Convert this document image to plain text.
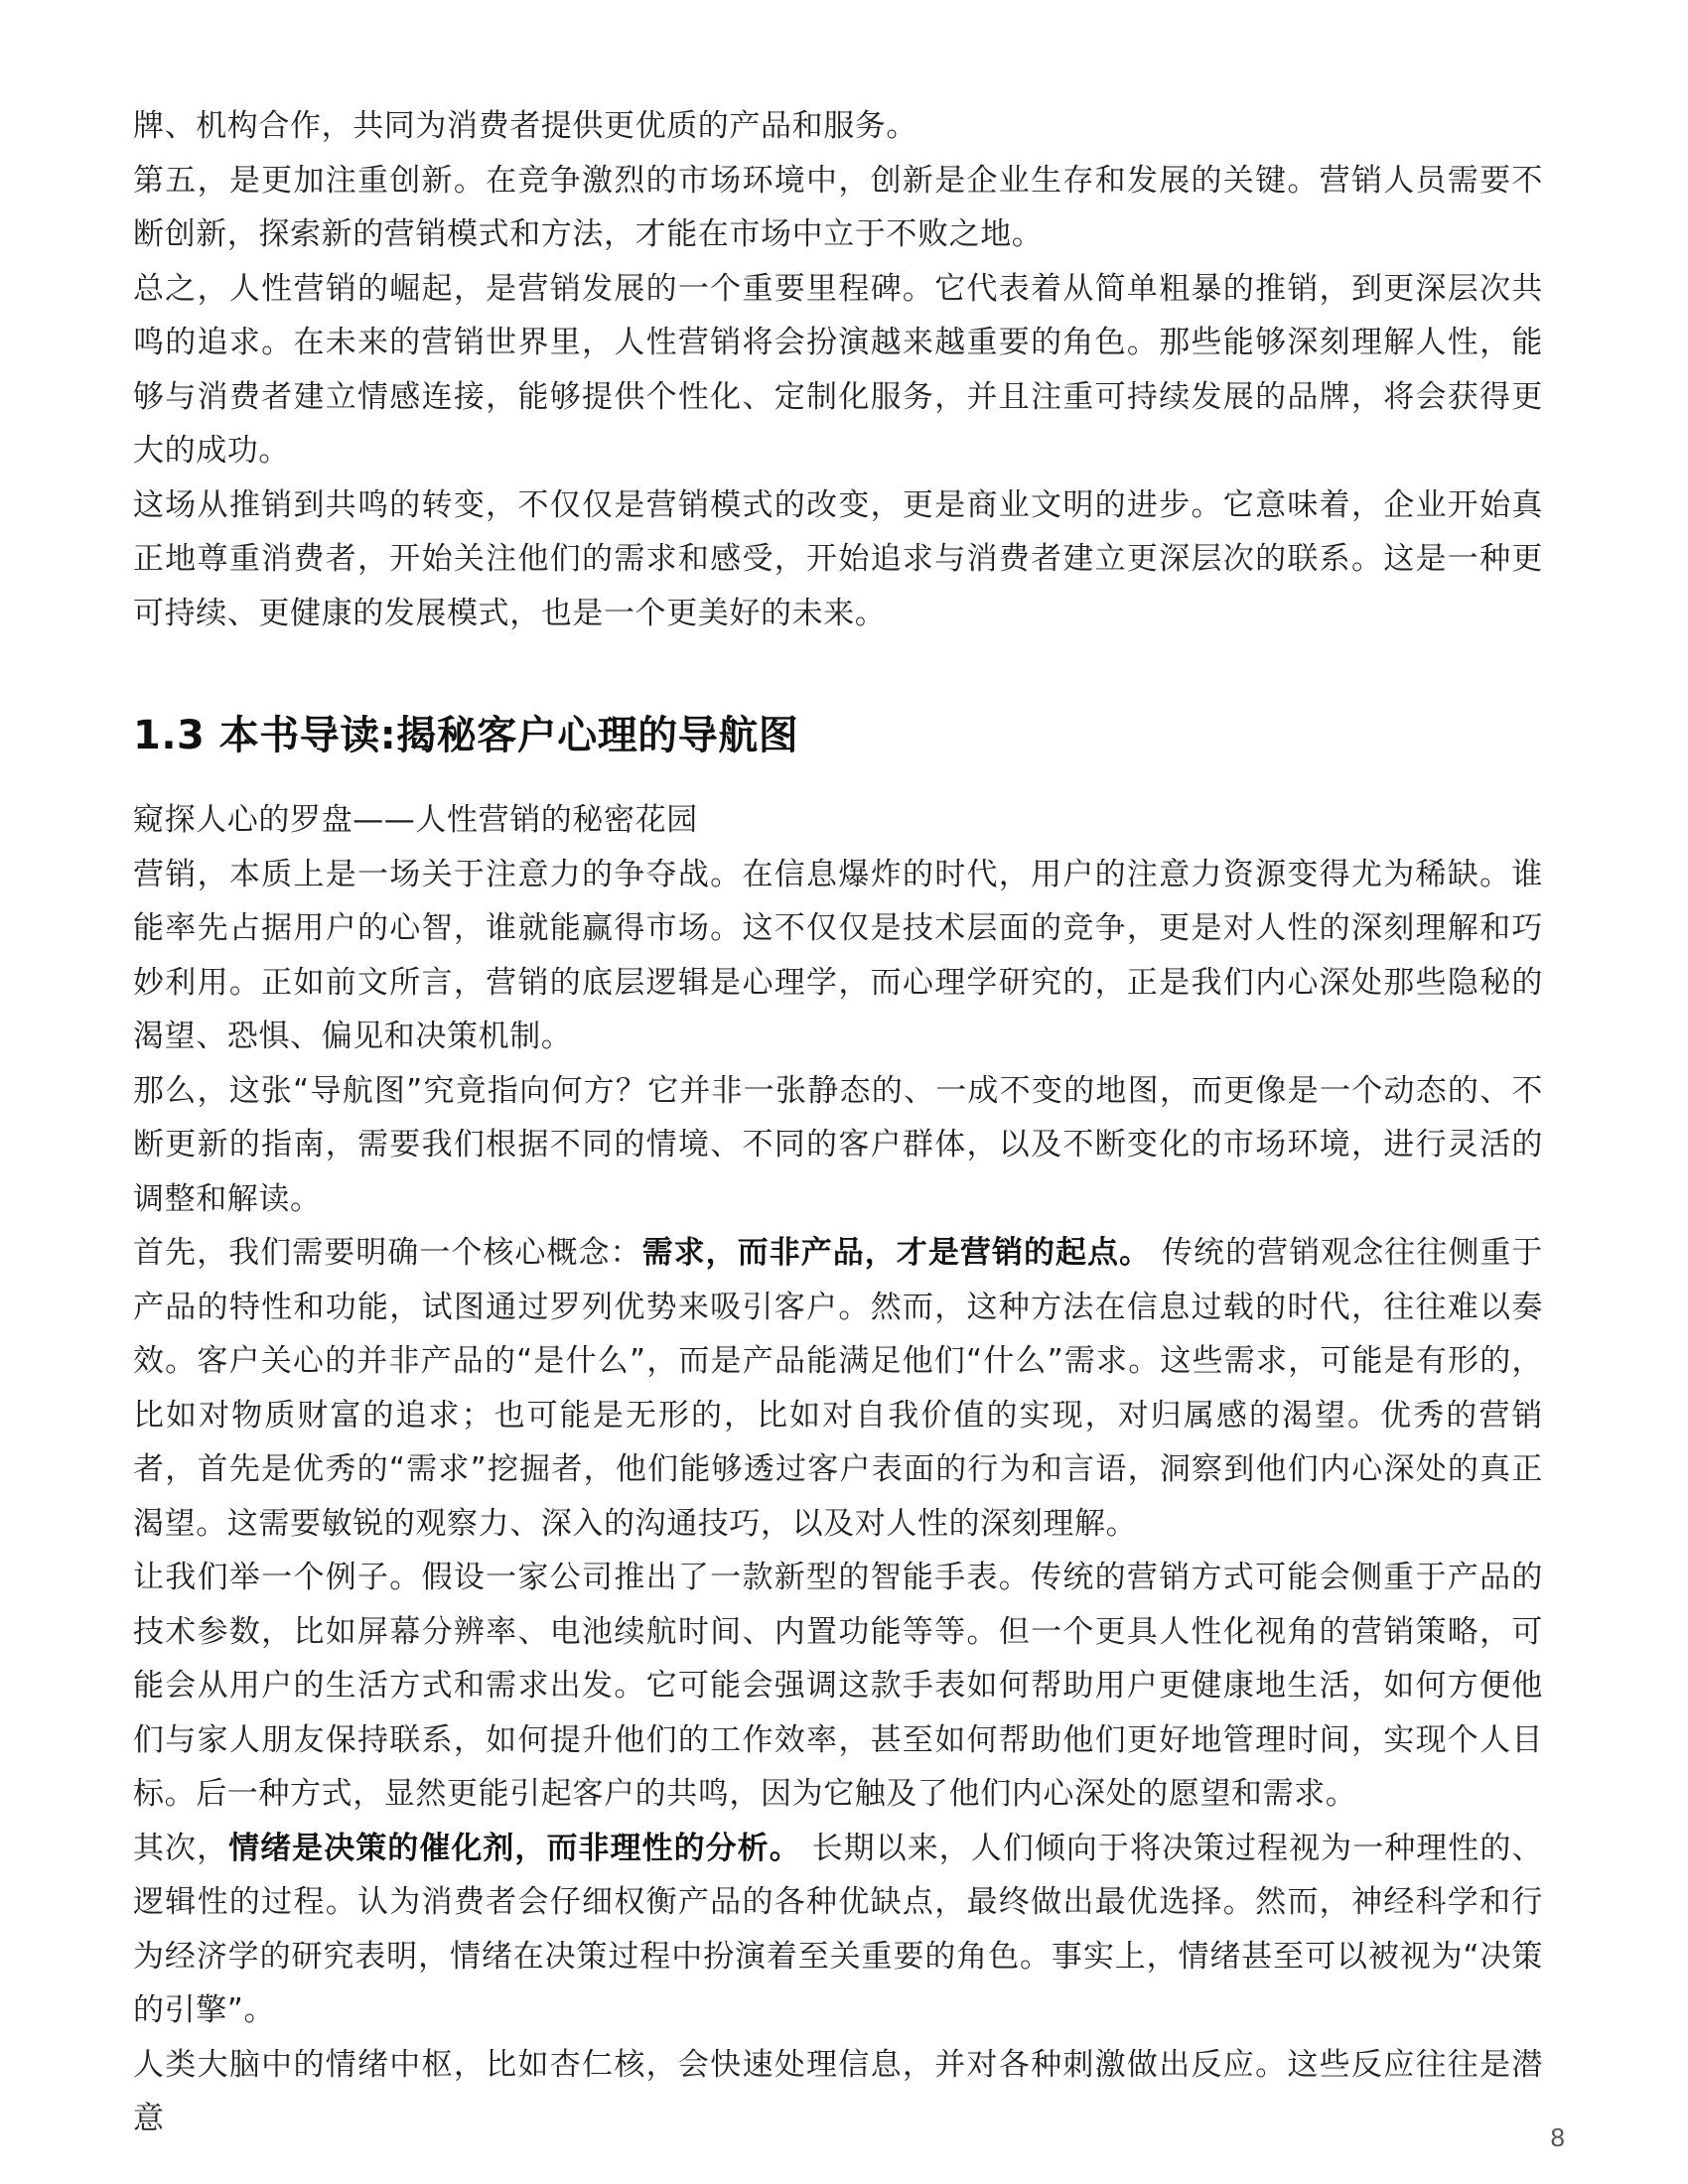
牌、机构合作，共同为消费者提供更优质的产品和服务。

第五，是更加注重创新。在竞争激烈的市场环境中，创新是企业生存和发展的关键。营销人员需要不断创新，探索新的营销模式和方法，才能在市场中立于不败之地。

总之，人性营销的崛起，是营销发展的一个重要里程碑。它代表着从简单粗暴的推销，到更深层次共鸣的追求。在未来的营销世界里，人性营销将会扮演越来越重要的角色。那些能够深刻理解人性，能够与消费者建立情感连接，能够提供个性化、定制化服务，并且注重可持续发展的品牌，将会获得更大的成功。

这场从推销到共鸣的转变，不仅仅是营销模式的改变，更是商业文明的进步。它意味着，企业开始真正地尊重消费者，开始关注他们的需求和感受，开始追求与消费者建立更深层次的联系。这是一种更可持续、更健康的发展模式，也是一个更美好的未来。

1.3 本书导读:揭秘客户心理的导航图

窥探人心的罗盘——人性营销的秘密花园

营销，本质上是一场关于注意力的争夺战。在信息爆炸的时代，用户的注意力资源变得尤为稀缺。谁能率先占据用户的心智，谁就能赢得市场。这不仅仅是技术层面的竞争，更是对人性的深刻理解和巧妙利用。正如前文所言，营销的底层逻辑是心理学，而心理学研究的，正是我们内心深处那些隐秘的渴望、恐惧、偏见和决策机制。

那么，这张“导航图”究竟指向何方？它并非一张静态的、一成不变的地图，而更像是一个动态的、不断更新的指南，需要我们根据不同的情境、不同的客户群体，以及不断变化的市场环境，进行灵活的调整和解读。

首先，我们需要明确一个核心概念：需求，而非产品，才是营销的起点。 传统的营销观念往往侧重于产品的特性和功能，试图通过罗列优势来吸引客户。然而，这种方法在信息过载的时代，往往难以奏效。客户关心的并非产品的“是什么”，而是产品能满足他们“什么”需求。这些需求，可能是有形的，比如对物质财富的追求；也可能是无形的，比如对自我价值的实现，对归属感的渴望。优秀的营销者，首先是优秀的“需求”挖掘者，他们能够透过客户表面的行为和言语，洞察到他们内心深处的真正渴望。这需要敏锐的观察力、深入的沟通技巧，以及对人性的深刻理解。

让我们举一个例子。假设一家公司推出了一款新型的智能手表。传统的营销方式可能会侧重于产品的技术参数，比如屏幕分辨率、电池续航时间、内置功能等等。但一个更具人性化视角的营销策略，可能会从用户的生活方式和需求出发。它可能会强调这款手表如何帮助用户更健康地生活，如何方便他们与家人朋友保持联系，如何提升他们的工作效率，甚至如何帮助他们更好地管理时间，实现个人目标。后一种方式，显然更能引起客户的共鸣，因为它触及了他们内心深处的愿望和需求。

其次，情绪是决策的催化剂，而非理性的分析。 长期以来，人们倾向于将决策过程视为一种理性的、逻辑性的过程。认为消费者会仔细权衡产品的各种优缺点，最终做出最优选择。然而，神经科学和行为经济学的研究表明，情绪在决策过程中扮演着至关重要的角色。事实上，情绪甚至可以被视为“决策的引擎”。

人类大脑中的情绪中枢，比如杏仁核，会快速处理信息，并对各种刺激做出反应。这些反应往往是潜意

8
